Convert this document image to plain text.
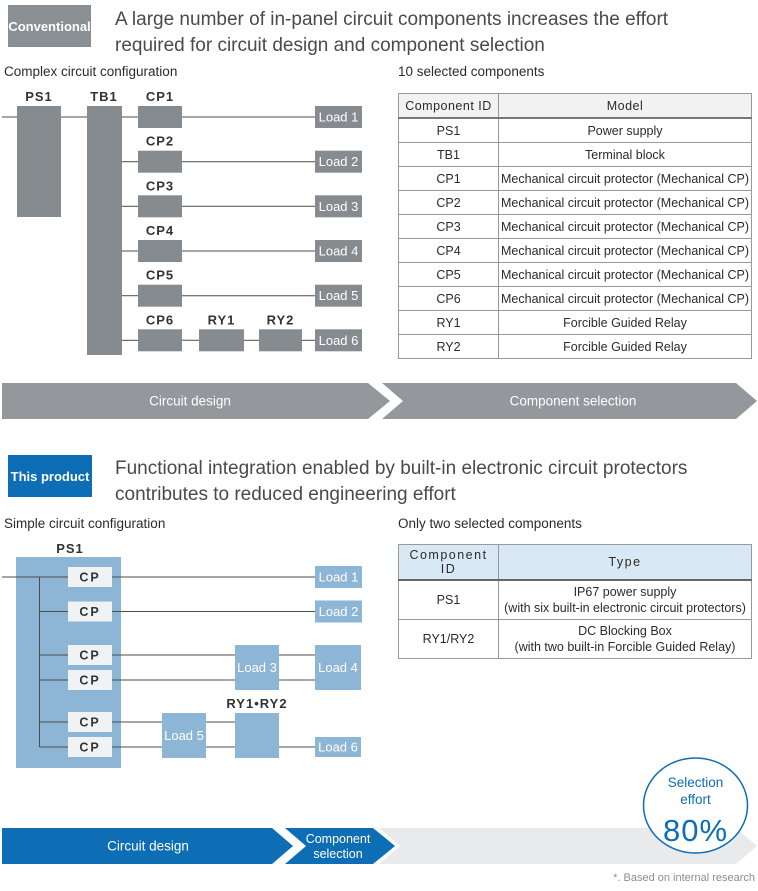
Conventional A large number of in-panel circuit components increases the effort
required for circuit design and component selection
Complex circuit configuration	10 selected components
PS1	TB1 CP1
CP2
CP3
CP4
CP5
CP6	RY1 RY2
Load 1
Load 2
Load 3
Load 4
Load 5
Load 6
Component ID	Model
PS1	Power supply
TB1	Terminal block
CP1	Mechanical circuit protector (Mechanical CP)
CP2	Mechanical circuit protector (Mechanical CP)
CP3	Mechanical circuit protector (Mechanical CP)
CP4	Mechanical circuit protector (Mechanical CP)
CP5	Mechanical circuit protector (Mechanical CP)
CP6	Mechanical circuit protector (Mechanical CP)
RY1	Forcible Guided Relay
RY2	Forcible Guided Relay
Circuit design	Component selection
This product Functional integration enabled by built-in electronic circuit protectors
contributes to reduced engineering effort
Simple circuit configuration	Only two selected components
PS1
CP
CP
CP
CP
CP
CP
RY1•RY2
Load 1
Load 2
Load 3	Load 4
Load 5
Load 6
Component ID	Type
PS1	IP67 power supply
(with six built-in electronic circuit protectors)

RY1/RY2	DC Blocking Box
(with two built-in Forcible Guided Relay)
Circuit design	Component
selection
Selection
effort
80%
*. Based on internal research
